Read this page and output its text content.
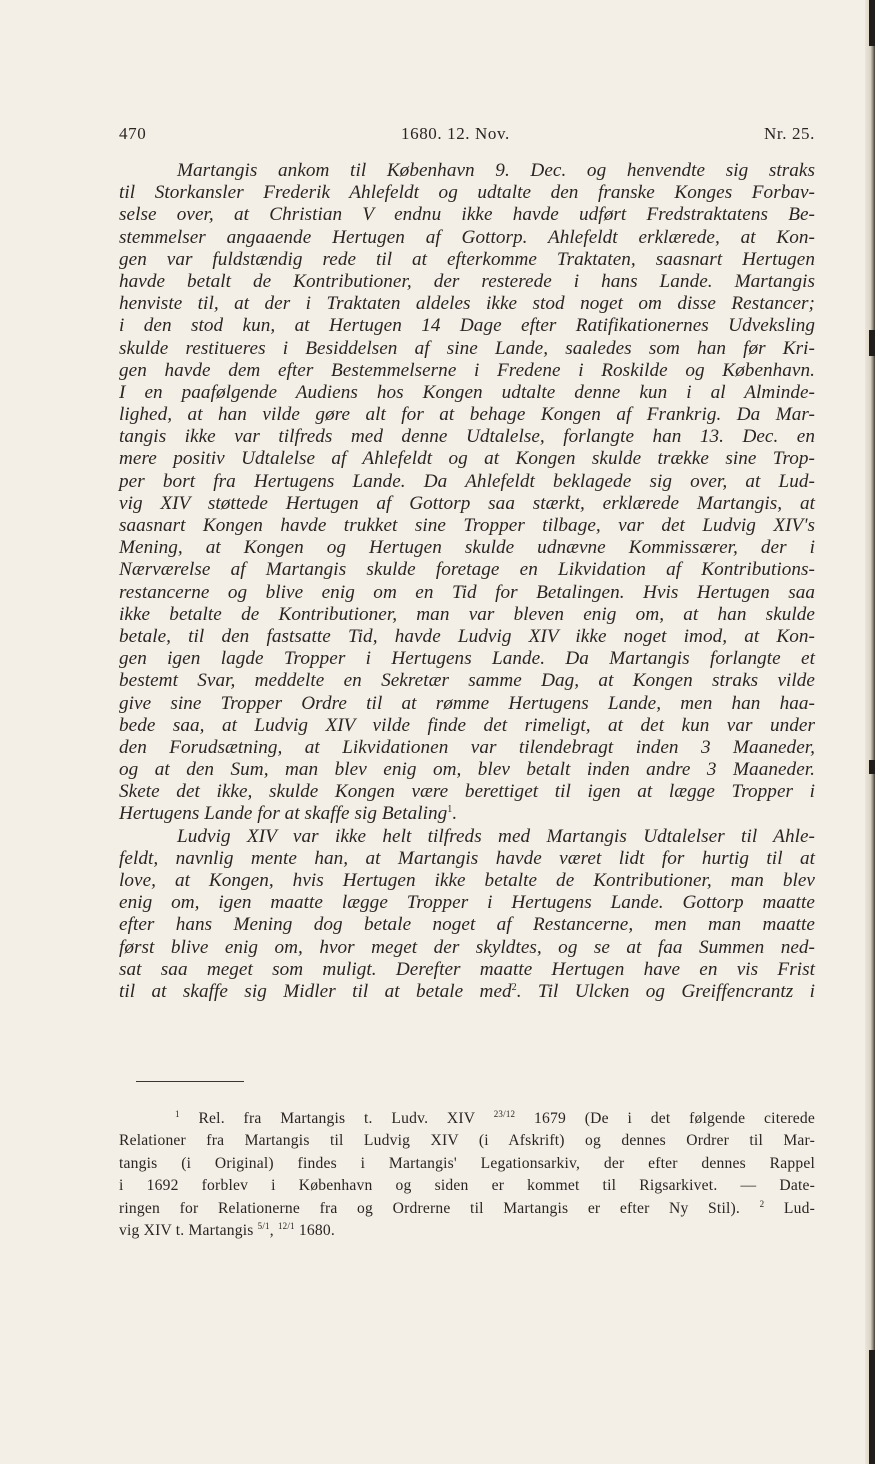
470	1680. 12. Nov.	Nr. 25.
Martangis ankom til København 9. Dec. og henvendte sig straks
til Storkansler Frederik Ahlefeldt og udtalte den franske Konges Forbav-
selse over, at Christian V endnu ikke havde udført Fredstraktatens Be-
stemmelser angaaende Hertugen af Gottorp. Ahlefeldt erklærede, at Kon-
gen var fuldstændig rede til at efterkomme Traktaten, saasnart Hertugen
havde betalt de Kontributioner, der resterede i hans Lande. Martangis
henviste til, at der i Traktaten aldeles ikke stod noget om disse Restancer;
i den stod kun, at Hertugen 14 Dage efter Ratifikationernes Udveksling
skulde restitueres i Besiddelsen af sine Lande, saaledes som han før Kri-
gen havde dem efter Bestemmelserne i Fredene i Roskilde og København.
I en paafølgende Audiens hos Kongen udtalte denne kun i al Alminde-
lighed, at han vilde gøre alt for at behage Kongen af Frankrig. Da Mar-
tangis ikke var tilfreds med denne Udtalelse, forlangte han 13. Dec. en
mere positiv Udtalelse af Ahlefeldt og at Kongen skulde trække sine Trop-
per bort fra Hertugens Lande. Da Ahlefeldt beklagede sig over, at Lud-
vig XIV støttede Hertugen af Gottorp saa stærkt, erklærede Martangis, at
saasnart Kongen havde trukket sine Tropper tilbage, var det Ludvig XIV's
Mening, at Kongen og Hertugen skulde udnævne Kommissærer, der i
Nærværelse af Martangis skulde foretage en Likvidation af Kontributions-
restancerne og blive enig om en Tid for Betalingen. Hvis Hertugen saa
ikke betalte de Kontributioner, man var bleven enig om, at han skulde
betale, til den fastsatte Tid, havde Ludvig XIV ikke noget imod, at Kon-
gen igen lagde Tropper i Hertugens Lande. Da Martangis forlangte et
bestemt Svar, meddelte en Sekretær samme Dag, at Kongen straks vilde
give sine Tropper Ordre til at rømme Hertugens Lande, men han haa-
bede saa, at Ludvig XIV vilde finde det rimeligt, at det kun var under
den Forudsætning, at Likvidationen var tilendebragt inden 3 Maaneder,
og at den Sum, man blev enig om, blev betalt inden andre 3 Maaneder.
Skete det ikke, skulde Kongen være berettiget til igen at lægge Tropper i
Hertugens Lande for at skaffe sig Betaling$^1$.
Ludvig XIV var ikke helt tilfreds med Martangis Udtalelser til Ahle-
feldt, navnlig mente han, at Martangis havde været lidt for hurtig til at
love, at Kongen, hvis Hertugen ikke betalte de Kontributioner, man blev
enig om, igen maatte lægge Tropper i Hertugens Lande. Gottorp maatte
efter hans Mening dog betale noget af Restancerne, men man maatte
først blive enig om, hvor meget der skyldtes, og se at faa Summen ned-
sat saa meget som muligt. Derefter maatte Hertugen have en vis Frist
til at skaffe sig Midler til at betale med$^2$. Til Ulcken og Greiffencrantz i
$^1$ Rel. fra Martangis t. Ludv. XIV $^{23/12}$ 1679 (De i det følgende citerede
Relationer fra Martangis til Ludvig XIV (i Afskrift) og dennes Ordrer til Mar-
tangis (i Original) findes i Martangis' Legationsarkiv, der efter dennes Rappel
i 1692 forblev i København og siden er kommet til Rigsarkivet. — Date-
ringen for Relationerne fra og Ordrerne til Martangis er efter Ny Stil). $^2$ Lud-
vig XIV t. Martangis $^{5/1}$, $^{12/1}$ 1680.
